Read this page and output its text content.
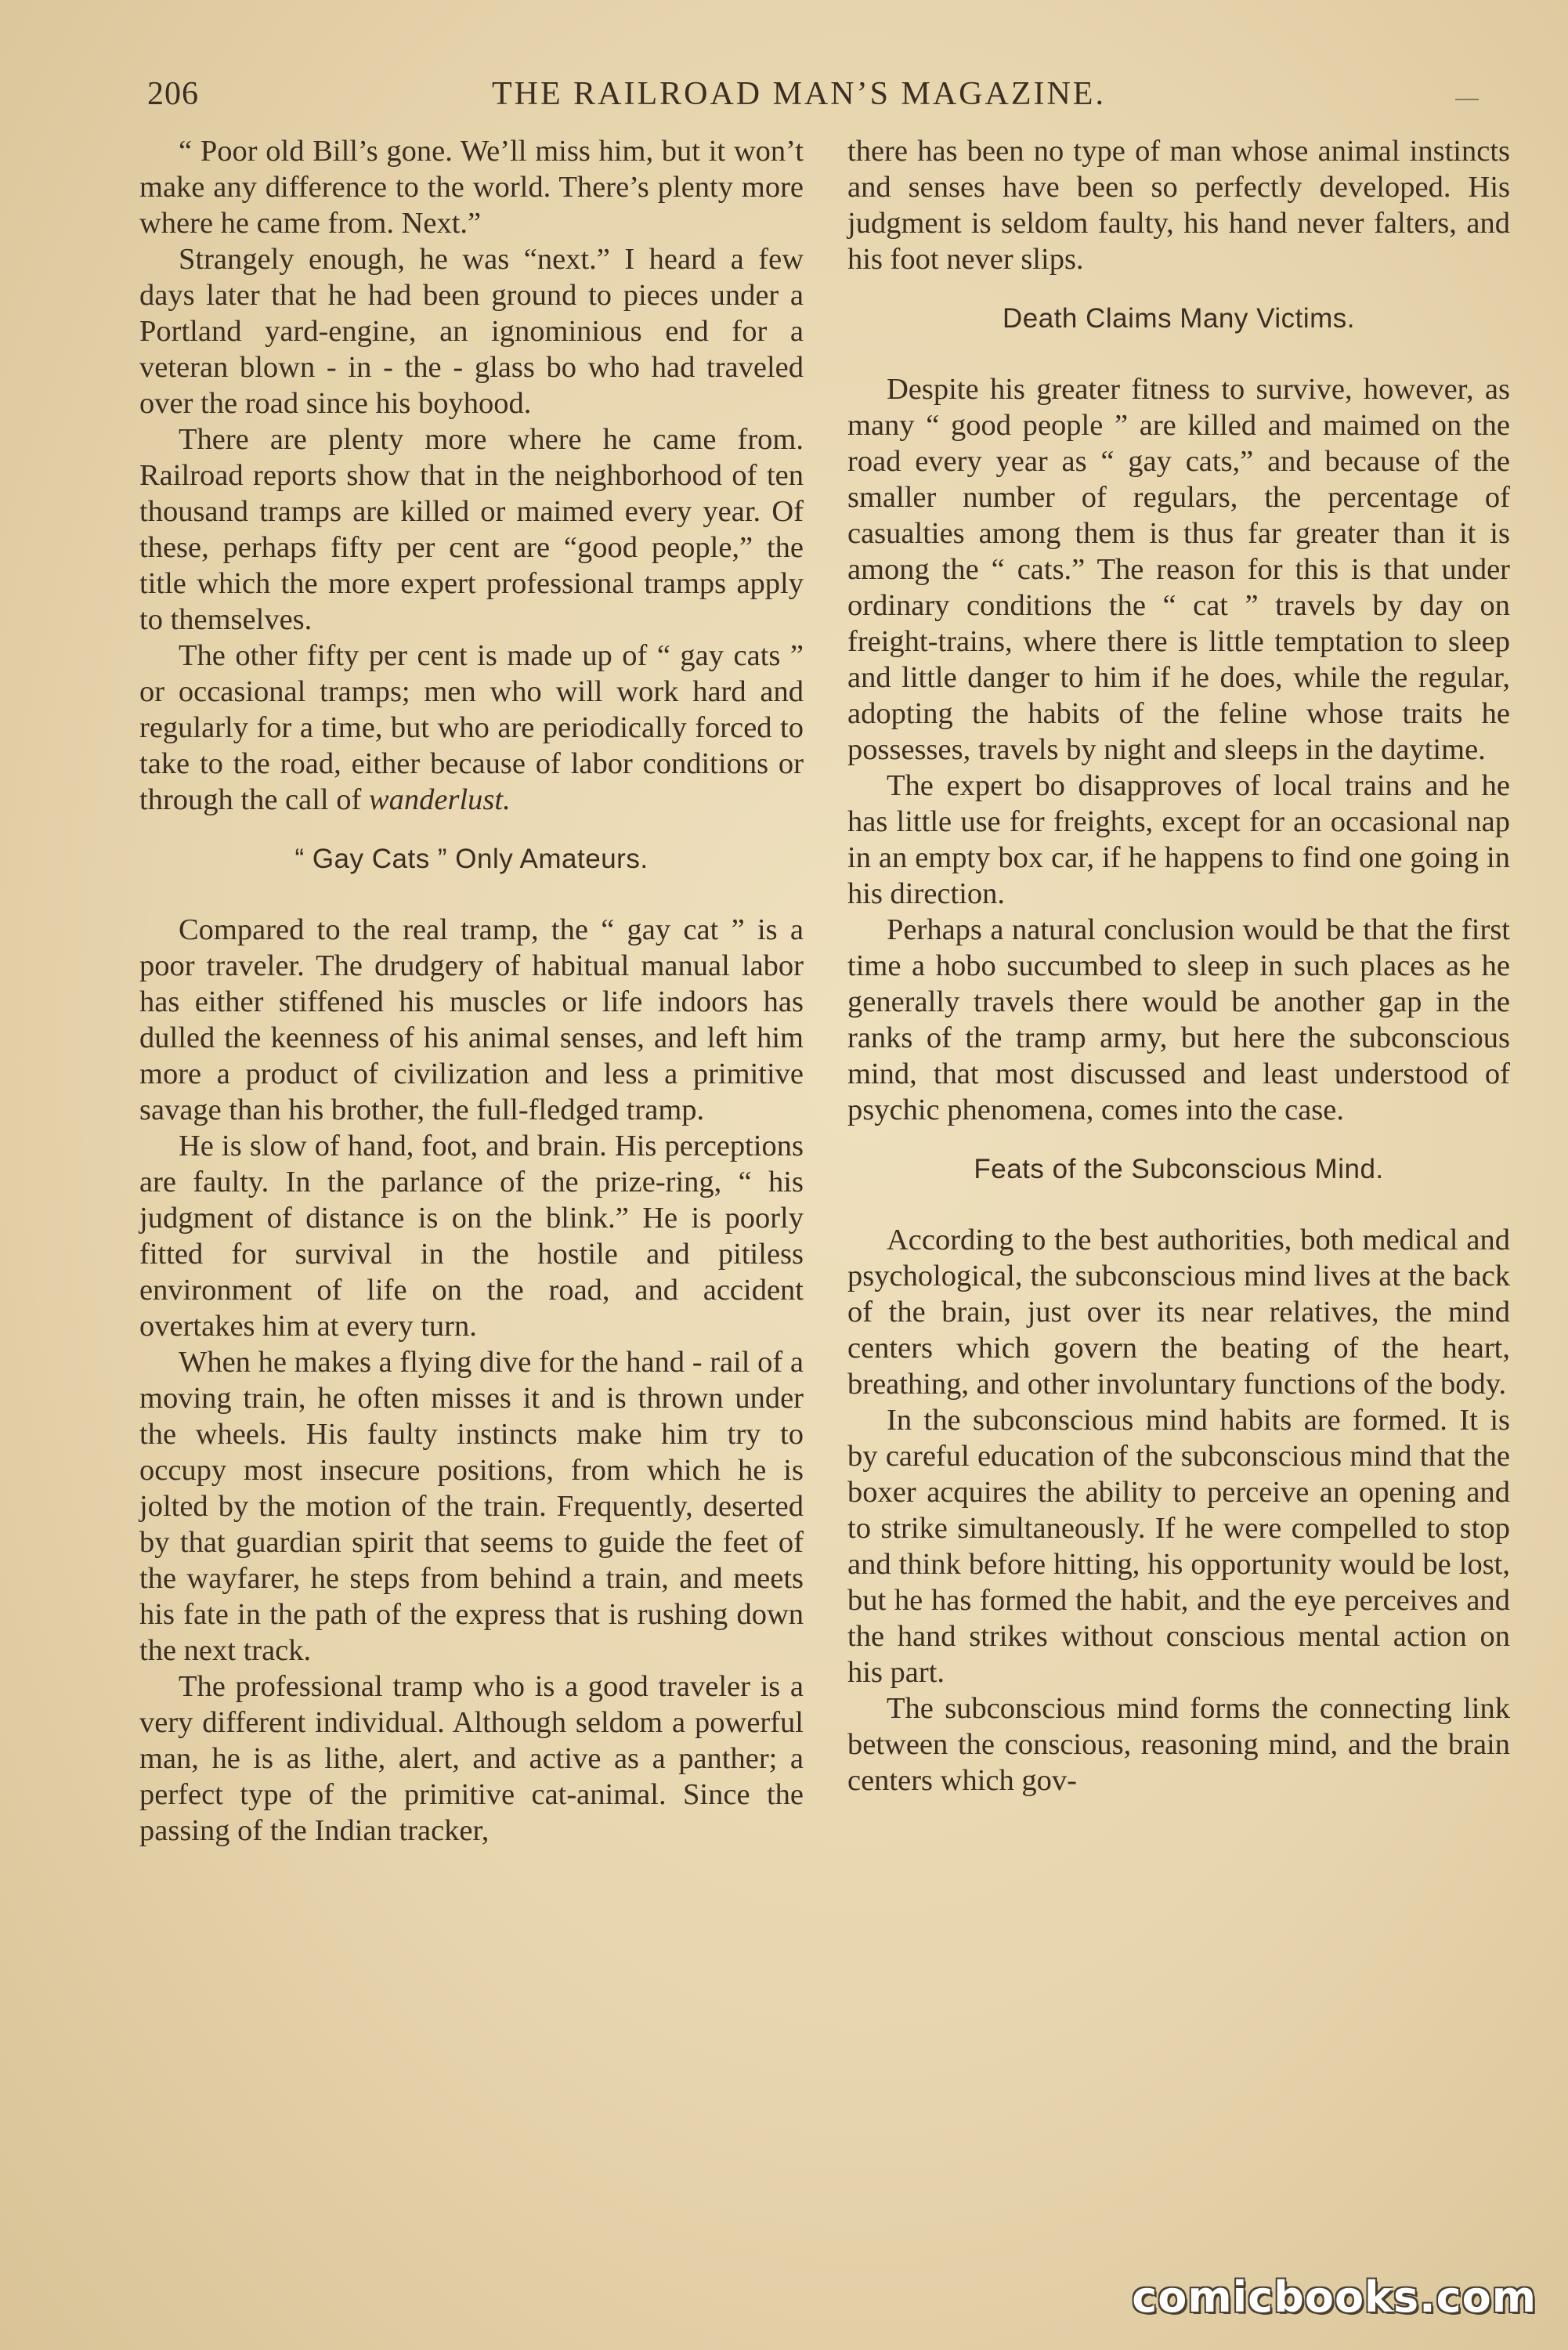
206	THE RAILROAD MAN’S MAGAZINE.

“ Poor old Bill’s gone. We’ll miss him, but it won’t make any difference to the world. There’s plenty more where he came from. Next.”

Strangely enough, he was “next.” I heard a few days later that he had been ground to pieces under a Portland yard-engine, an ignominious end for a veteran blown - in - the - glass bo who had traveled over the road since his boyhood.

There are plenty more where he came from. Railroad reports show that in the neighborhood of ten thousand tramps are killed or maimed every year. Of these, perhaps fifty per cent are “good people,” the title which the more expert professional tramps apply to themselves.

The other fifty per cent is made up of “ gay cats ” or occasional tramps; men who will work hard and regularly for a time, but who are periodically forced to take to the road, either because of labor conditions or through the call of wanderlust.

“ Gay Cats ” Only Amateurs.

Compared to the real tramp, the “ gay cat ” is a poor traveler. The drudgery of habitual manual labor has either stiffened his muscles or life indoors has dulled the keenness of his animal senses, and left him more a product of civilization and less a primitive savage than his brother, the full-fledged tramp.

He is slow of hand, foot, and brain. His perceptions are faulty. In the parlance of the prize-ring, “ his judgment of distance is on the blink.” He is poorly fitted for survival in the hostile and pitiless environment of life on the road, and accident overtakes him at every turn.

When he makes a flying dive for the hand - rail of a moving train, he often misses it and is thrown under the wheels. His faulty instincts make him try to occupy most insecure positions, from which he is jolted by the motion of the train. Frequently, deserted by that guardian spirit that seems to guide the feet of the wayfarer, he steps from behind a train, and meets his fate in the path of the express that is rushing down the next track.

The professional tramp who is a good traveler is a very different individual. Although seldom a powerful man, he is as lithe, alert, and active as a panther; a perfect type of the primitive cat-animal. Since the passing of the Indian tracker,

there has been no type of man whose animal instincts and senses have been so perfectly developed. His judgment is seldom faulty, his hand never falters, and his foot never slips.

Death Claims Many Victims.

Despite his greater fitness to survive, however, as many “ good people ” are killed and maimed on the road every year as “ gay cats,” and because of the smaller number of regulars, the percentage of casualties among them is thus far greater than it is among the “ cats.” The reason for this is that under ordinary conditions the “ cat ” travels by day on freight-trains, where there is little temptation to sleep and little danger to him if he does, while the regular, adopting the habits of the feline whose traits he possesses, travels by night and sleeps in the daytime.

The expert bo disapproves of local trains and he has little use for freights, except for an occasional nap in an empty box car, if he happens to find one going in his direction.

Perhaps a natural conclusion would be that the first time a hobo succumbed to sleep in such places as he generally travels there would be another gap in the ranks of the tramp army, but here the subconscious mind, that most discussed and least understood of psychic phenomena, comes into the case.

Feats of the Subconscious Mind.

According to the best authorities, both medical and psychological, the subconscious mind lives at the back of the brain, just over its near relatives, the mind centers which govern the beating of the heart, breathing, and other involuntary functions of the body.

In the subconscious mind habits are formed. It is by careful education of the subconscious mind that the boxer acquires the ability to perceive an opening and to strike simultaneously. If he were compelled to stop and think before hitting, his opportunity would be lost, but he has formed the habit, and the eye perceives and the hand strikes without conscious mental action on his part.

The subconscious mind forms the connecting link between the conscious, reasoning mind, and the brain centers which gov-

comicbooks.com
